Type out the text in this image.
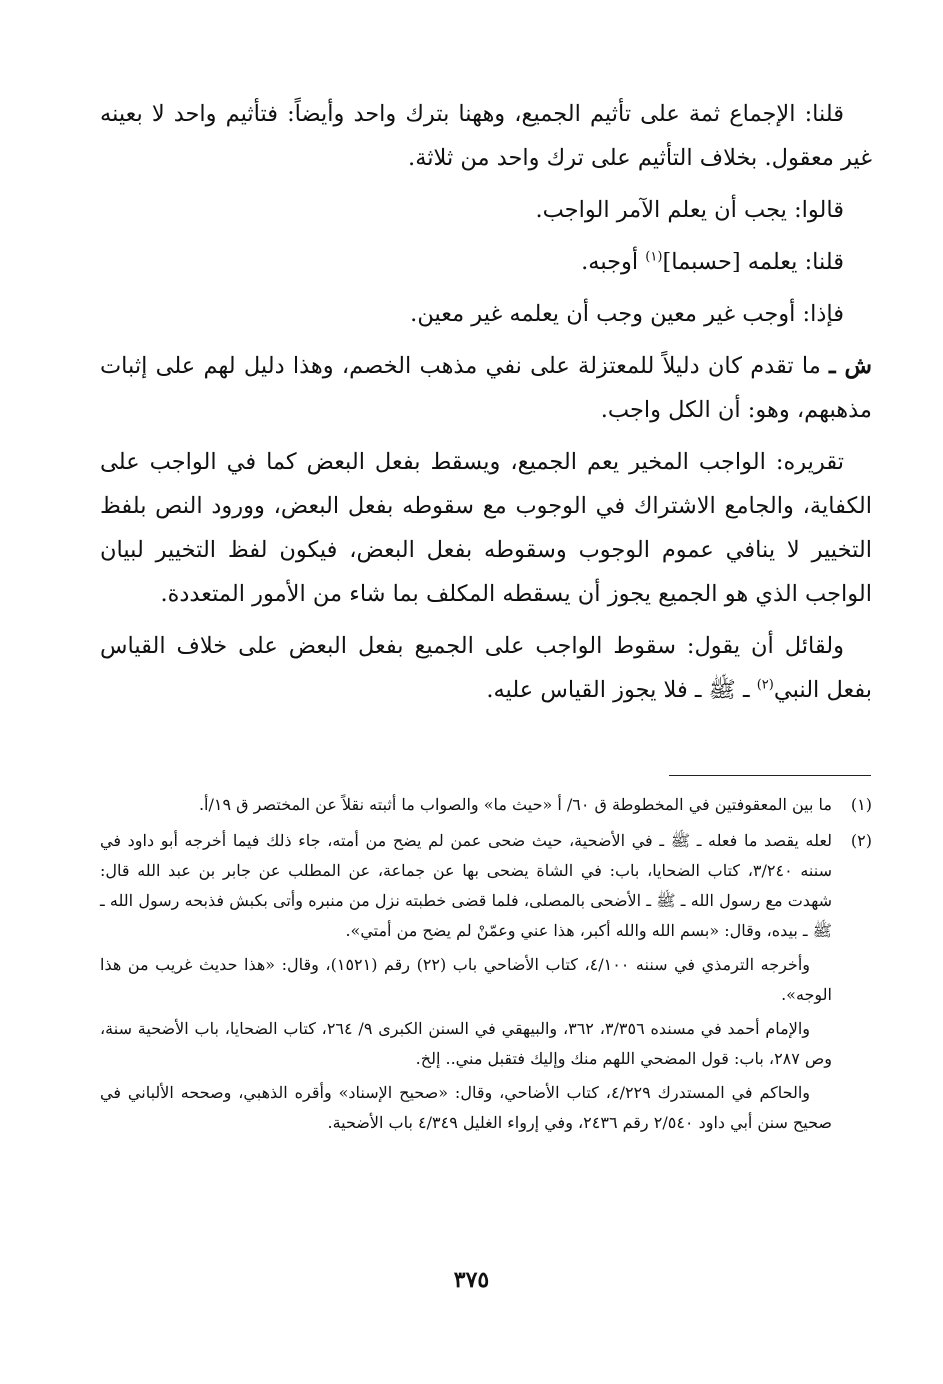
قلنا: الإجماع ثمة على تأثيم الجميع، وههنا بترك واحد وأيضاً: فتأثيم واحد لا بعينه غير معقول. بخلاف التأثيم على ترك واحد من ثلاثة.

قالوا: يجب أن يعلم الآمر الواجب.

قلنا: يعلمه [حسبما]$^{(١)}$ أوجبه.

فإذا: أوجب غير معين وجب أن يعلمه غير معين.

ش ـ ما تقدم كان دليلاً للمعتزلة على نفي مذهب الخصم، وهذا دليل لهم على إثبات مذهبهم، وهو: أن الكل واجب.

تقريره: الواجب المخير يعم الجميع، ويسقط بفعل البعض كما في الواجب على الكفاية، والجامع الاشتراك في الوجوب مع سقوطه بفعل البعض، وورود النص بلفظ التخيير لا ينافي عموم الوجوب وسقوطه بفعل البعض، فيكون لفظ التخيير لبيان الواجب الذي هو الجميع يجوز أن يسقطه المكلف بما شاء من الأمور المتعددة.

ولقائل أن يقول: سقوط الواجب على الجميع بفعل البعض على خلاف القياس بفعل النبي$^{(٢)}$ ـ ﷺ ـ فلا يجوز القياس عليه.

(١)

ما بين المعقوفتين في المخطوطة ق ٦٠/ أ «حيث ما» والصواب ما أثبته نقلاً عن المختصر ق ١٩/أ.

(٢)

لعله يقصد ما فعله ـ ﷺ ـ في الأضحية، حيث ضحى عمن لم يضح من أمته، جاء ذلك فيما أخرجه أبو داود في سننه ٣/٢٤٠، كتاب الضحايا، باب: في الشاة يضحى بها عن جماعة، عن المطلب عن جابر بن عبد الله قال: شهدت مع رسول الله ـ ﷺ ـ الأضحى بالمصلى، فلما قضى خطبته نزل من منبره وأتى بكبش فذبحه رسول الله ـ ﷺ ـ بيده، وقال: «بسم الله والله أكبر، هذا عني وعمّنْ لم يضح من أمتي».

وأخرجه الترمذي في سننه ٤/١٠٠، كتاب الأضاحي باب (٢٢) رقم (١٥٢١)، وقال: «هذا حديث غريب من هذا الوجه».

والإمام أحمد في مسنده ٣/٣٥٦، ٣٦٢، والبيهقي في السنن الكبرى ٩/ ٢٦٤، كتاب الضحايا، باب الأضحية سنة، وص ٢٨٧، باب: قول المضحي اللهم منك وإليك فتقبل مني.. إلخ.

والحاكم في المستدرك ٤/٢٢٩، كتاب الأضاحي، وقال: «صحيح الإسناد» وأقره الذهبي، وصححه الألباني في صحيح سنن أبي داود ٢/٥٤٠ رقم ٢٤٣٦، وفي إرواء الغليل ٤/٣٤٩ باب الأضحية.

٣٧٥
